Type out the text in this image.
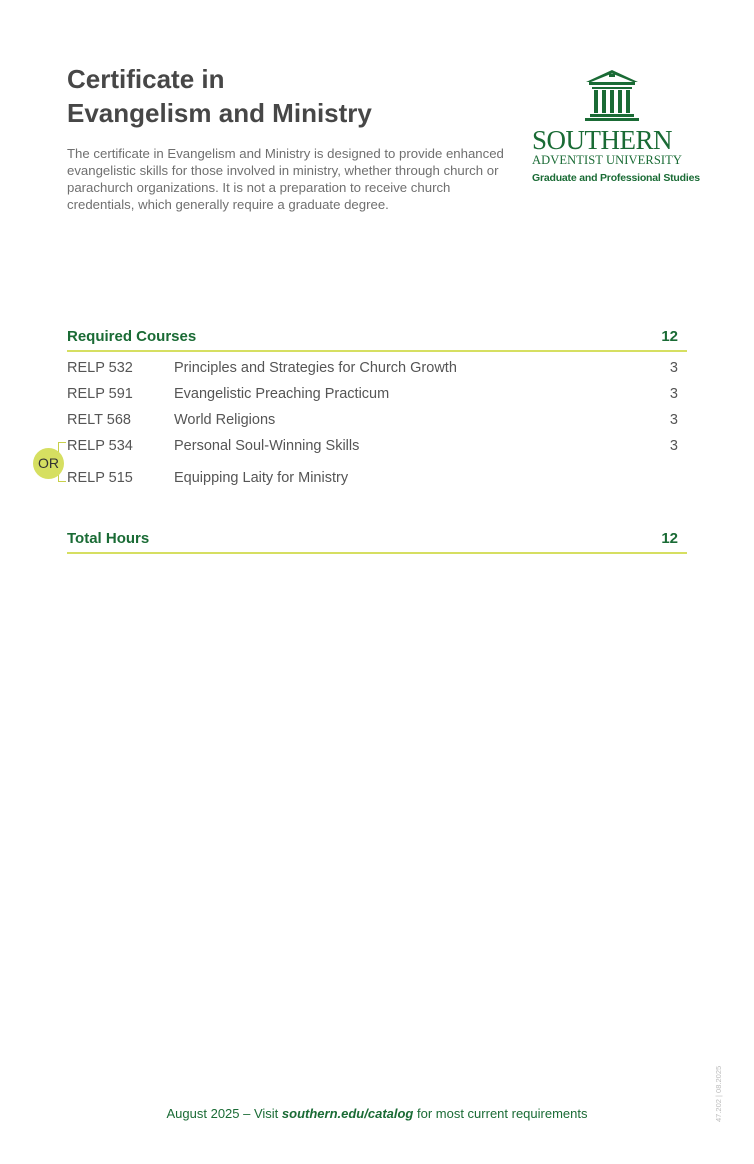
Certificate in
Evangelism and Ministry

The certificate in Evangelism and Ministry is designed to provide enhanced evangelistic skills for those involved in ministry, whether through church or parachurch organizations. It is not a preparation to receive church credentials, which generally require a graduate degree.

SOUTHERN
ADVENTIST UNIVERSITY
Graduate and Professional Studies
Required Courses	12
RELP 532	Principles and Strategies for Church Growth	3
RELP 591	Evangelistic Preaching Practicum	3
RELT 568	World Religions	3
RELP 534	Personal Soul-Winning Skills	3
RELP 515	Equipping Laity for Ministry
OR
Total Hours	12
August 2025 – Visit southern.edu/catalog for most current requirements	47.202 | 08.2025
